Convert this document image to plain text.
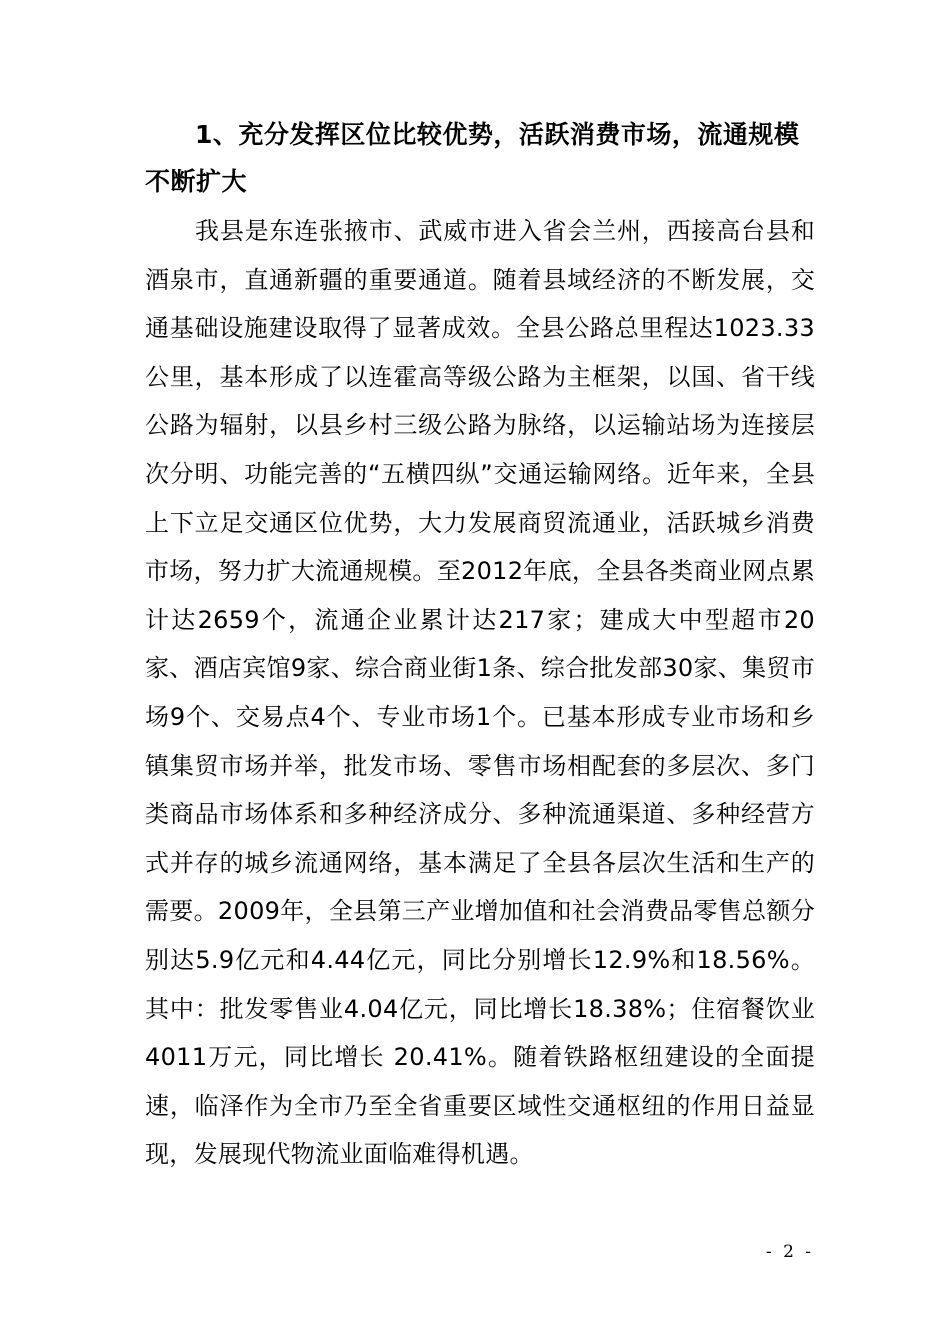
1、充分发挥区位比较优势，活跃消费市场，流通规模不断扩大

我县是东连张掖市、武威市进入省会兰州，西接高台县和酒泉市，直通新疆的重要通道。随着县域经济的不断发展，交通基础设施建设取得了显著成效。全县公路总里程达1023.33公里，基本形成了以连霍高等级公路为主框架，以国、省干线公路为辐射，以县乡村三级公路为脉络，以运输站场为连接层次分明、功能完善的“五横四纵”交通运输网络。近年来，全县上下立足交通区位优势，大力发展商贸流通业，活跃城乡消费市场，努力扩大流通规模。至2012年底，全县各类商业网点累计达2659个，流通企业累计达217家；建成大中型超市20家、酒店宾馆9家、综合商业街1条、综合批发部30家、集贸市场9个、交易点4个、专业市场1个。已基本形成专业市场和乡镇集贸市场并举，批发市场、零售市场相配套的多层次、多门类商品市场体系和多种经济成分、多种流通渠道、多种经营方式并存的城乡流通网络，基本满足了全县各层次生活和生产的需要。2009年，全县第三产业增加值和社会消费品零售总额分别达5.9亿元和4.44亿元，同比分别增长12.9%和18.56%。其中：批发零售业4.04亿元，同比增长18.38%；住宿餐饮业4011万元，同比增长 20.41%。随着铁路枢纽建设的全面提速，临泽作为全市乃至全省重要区域性交通枢纽的作用日益显现，发展现代物流业面临难得机遇。

- 2 -
